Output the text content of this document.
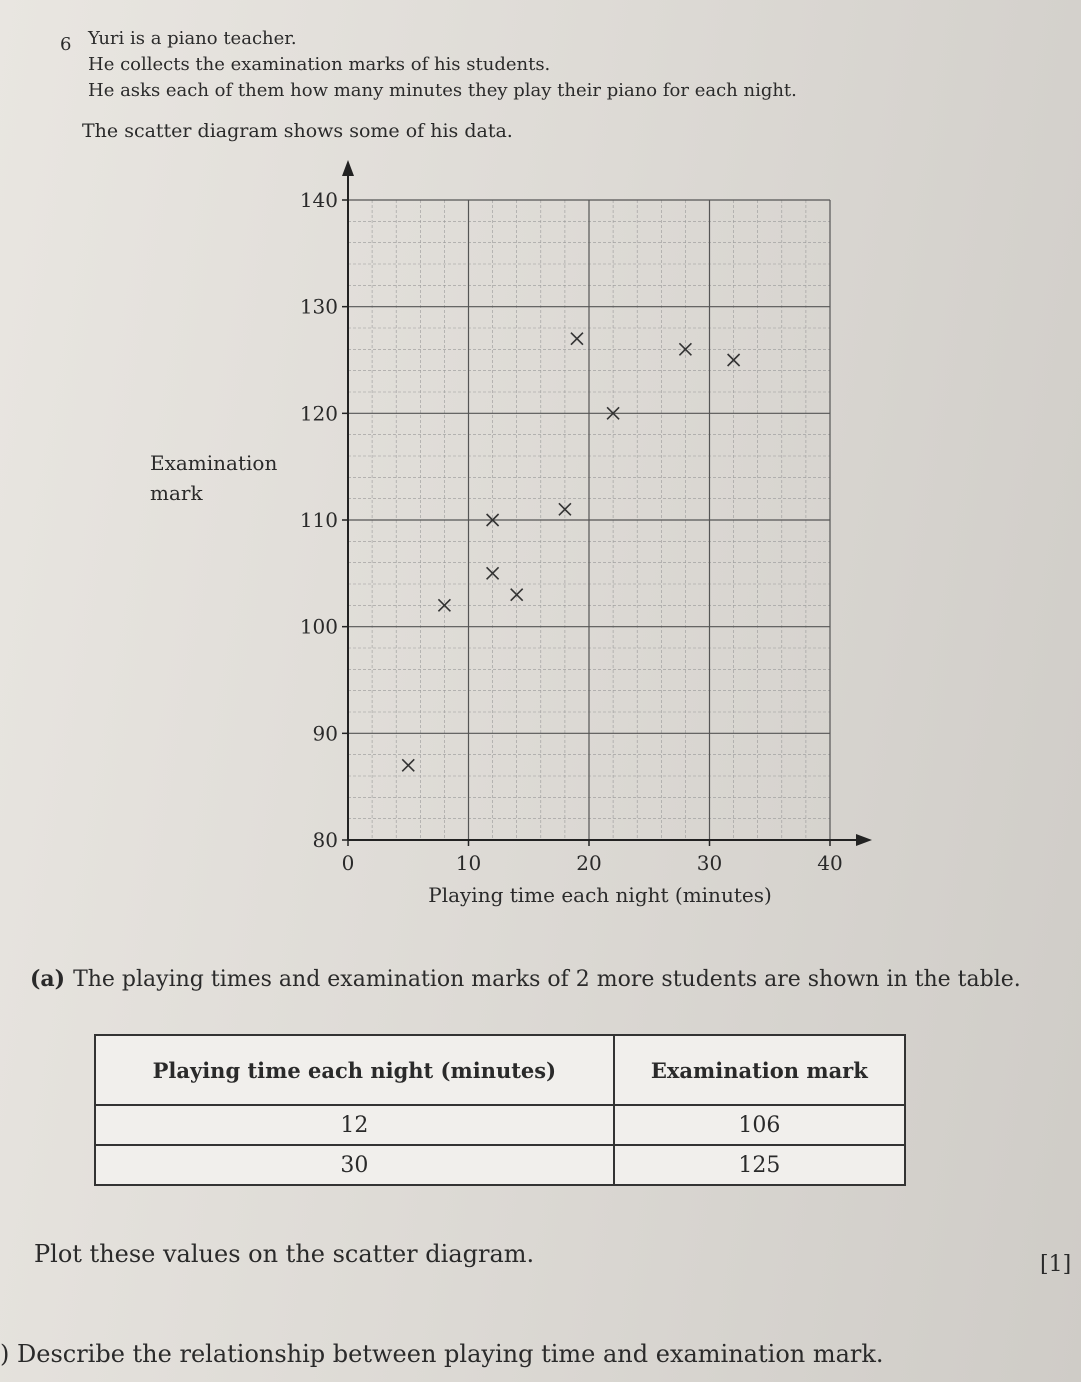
6 Yuri is a piano teacher.
He collects the examination marks of his students.
He asks each of them how many minutes they play their piano for each night.
The scatter diagram shows some of his data.
Examination
mark
80
90
100
110
120
130
140
0	10	20	30	40
Playing time each night (minutes)
(a) The playing times and examination marks of 2 more students are shown in the table.
Playing time each night (minutes)	Examination mark
12	106
30	125
Plot these values on the scatter diagram.	[1]
) Describe the relationship between playing time and examination mark.
